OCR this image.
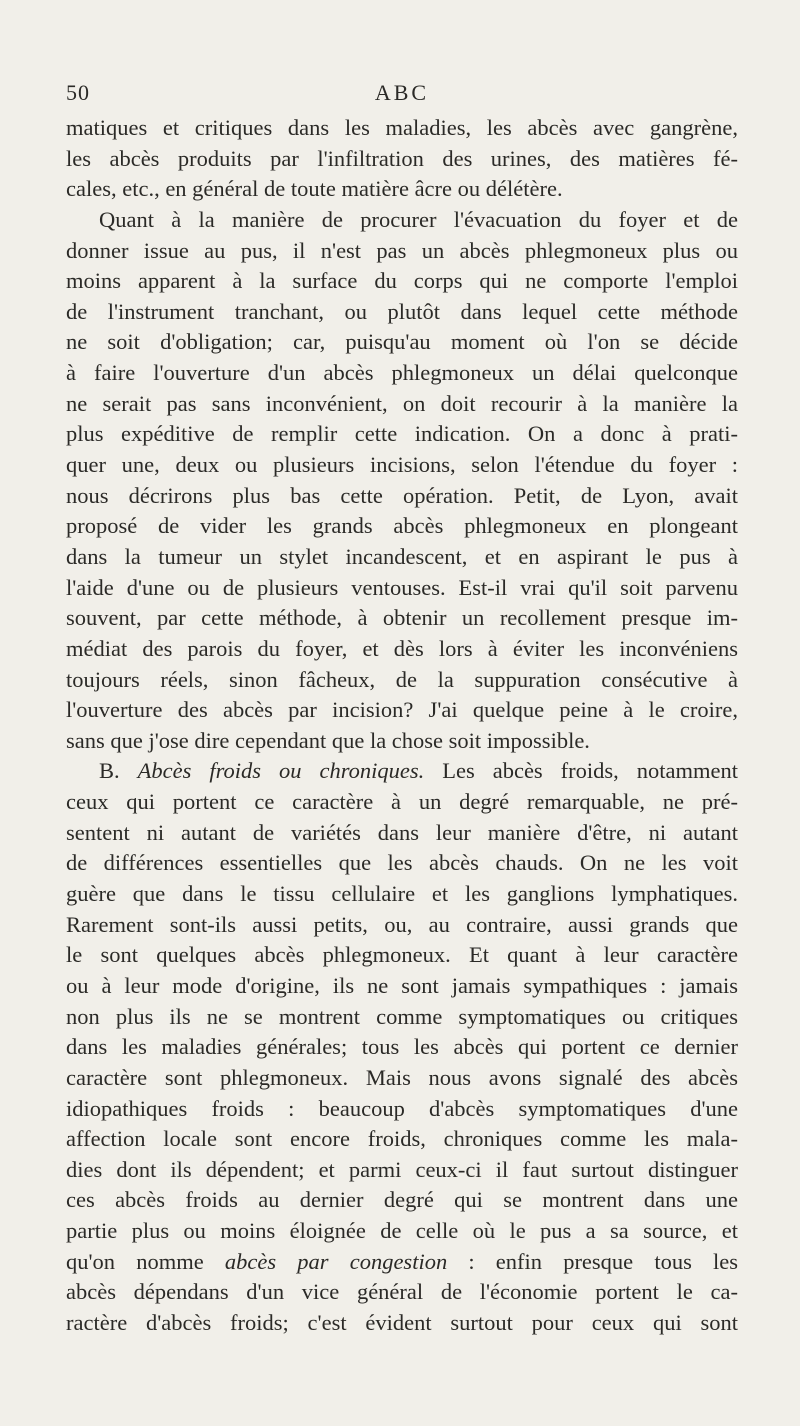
50	ABC
matiques et critiques dans les maladies, les abcès avec gangrène,
les abcès produits par l'infiltration des urines, des matières fé-
cales, etc., en général de toute matière âcre ou délétère.
Quant à la manière de procurer l'évacuation du foyer et de
donner issue au pus, il n'est pas un abcès phlegmoneux plus ou
moins apparent à la surface du corps qui ne comporte l'emploi
de l'instrument tranchant, ou plutôt dans lequel cette méthode
ne soit d'obligation; car, puisqu'au moment où l'on se décide
à faire l'ouverture d'un abcès phlegmoneux un délai quelconque
ne serait pas sans inconvénient, on doit recourir à la manière la
plus expéditive de remplir cette indication. On a donc à prati-
quer une, deux ou plusieurs incisions, selon l'étendue du foyer :
nous décrirons plus bas cette opération. Petit, de Lyon, avait
proposé de vider les grands abcès phlegmoneux en plongeant
dans la tumeur un stylet incandescent, et en aspirant le pus à
l'aide d'une ou de plusieurs ventouses. Est-il vrai qu'il soit parvenu
souvent, par cette méthode, à obtenir un recollement presque im-
médiat des parois du foyer, et dès lors à éviter les inconvéniens
toujours réels, sinon fâcheux, de la suppuration consécutive à
l'ouverture des abcès par incision? J'ai quelque peine à le croire,
sans que j'ose dire cependant que la chose soit impossible.
B. Abcès froids ou chroniques. Les abcès froids, notamment
ceux qui portent ce caractère à un degré remarquable, ne pré-
sentent ni autant de variétés dans leur manière d'être, ni autant
de différences essentielles que les abcès chauds. On ne les voit
guère que dans le tissu cellulaire et les ganglions lymphatiques.
Rarement sont-ils aussi petits, ou, au contraire, aussi grands que
le sont quelques abcès phlegmoneux. Et quant à leur caractère
ou à leur mode d'origine, ils ne sont jamais sympathiques : jamais
non plus ils ne se montrent comme symptomatiques ou critiques
dans les maladies générales; tous les abcès qui portent ce dernier
caractère sont phlegmoneux. Mais nous avons signalé des abcès
idiopathiques froids : beaucoup d'abcès symptomatiques d'une
affection locale sont encore froids, chroniques comme les mala-
dies dont ils dépendent; et parmi ceux-ci il faut surtout distinguer
ces abcès froids au dernier degré qui se montrent dans une
partie plus ou moins éloignée de celle où le pus a sa source, et
qu'on nomme abcès par congestion : enfin presque tous les
abcès dépendans d'un vice général de l'économie portent le ca-
ractère d'abcès froids; c'est évident surtout pour ceux qui sont
